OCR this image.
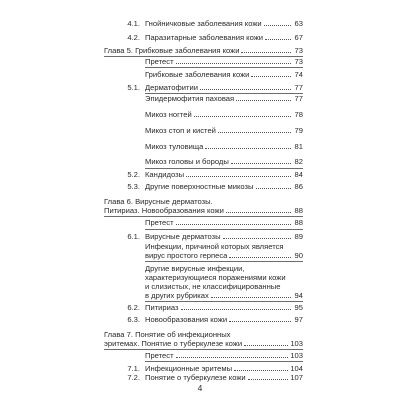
4.1. Гнойничковые заболевания кожи	63
4.2. Паразитарные заболевания кожи	67
Глава 5. Грибковые заболевания кожи	73
Претест	73
Грибковые заболевания кожи	74
5.1. Дерматофитии	77
Эпидермофития паховая	77
Микоз ногтей	78
Микоз стоп и кистей	79
Микоз туловища	81
Микоз головы и бороды	82
5.2. Кандидозы	84
5.3. Другие поверхностные микозы	86
Глава 6. Вирусные дерматозы.
Питириаз. Новообразования кожи	88
Претест	88
6.1. Вирусные дерматозы	89
Инфекции, причиной которых является
вирус простого герпеса	90
Другие вирусные инфекции,
характеризующиеся поражениями кожи
и слизистых, не классифицированные
в других рубриках	94
6.2. Питириаз	95
6.3. Новообразования кожи	97
Глава 7. Понятие об инфекционных
эритемах. Понятие о туберкулезе кожи	103
Претест	103
7.1. Инфекционные эритемы	104
7.2. Понятие о туберкулезе кожи	107
4
